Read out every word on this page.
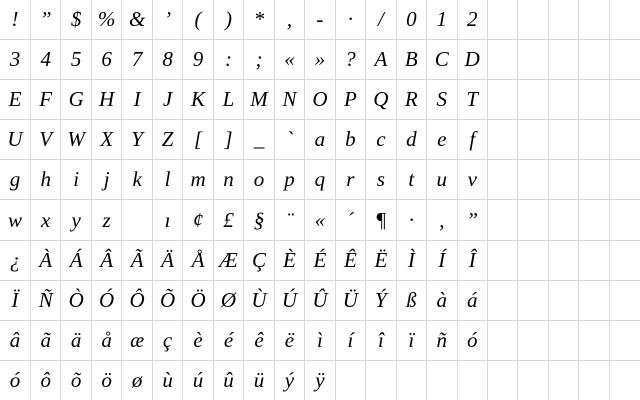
!	”	$	%	&	’	(	)	*	,	-	·	/	0	1	2					
3	4	5	6	7	8	9	:	;	«	»	?	A	B	C	D					
E	F	G	H	I	J	K	L	M	N	O	P	Q	R	S	T					
U	V	W	X	Y	Z	[	]	_	`	a	b	c	d	e	f					
g	h	i	j	k	l	m	n	o	p	q	r	s	t	u	v					
w	x	y	z		ı	¢	£	§	¨	«	´	¶	·	‚	”					
¿	À	Á	Â	Ã	Ä	Å	Æ	Ç	È	É	Ê	Ë	Ì	Í	Î					
Ï	Ñ	Ò	Ó	Ô	Õ	Ö	Ø	Ù	Ú	Û	Ü	Ý	ß	à	á					
â	ã	ä	å	æ	ç	è	é	ê	ë	ì	í	î	ï	ñ	ó					
ó	ô	õ	ö	ø	ù	ú	û	ü	ý	ÿ										
